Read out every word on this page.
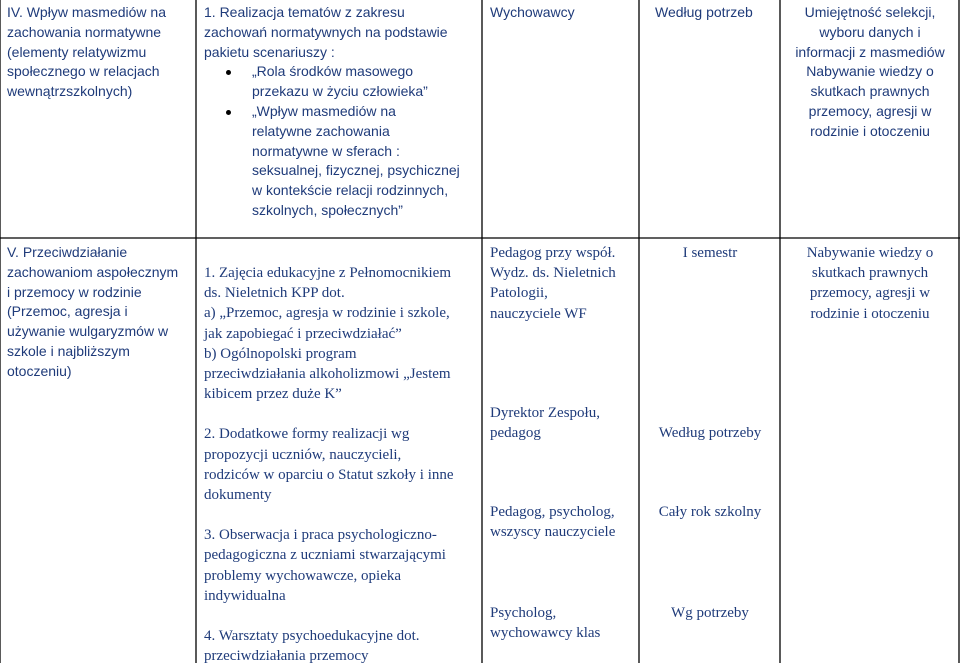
IV. Wpływ masmediów na
zachowania normatywne
(elementy relatywizmu
społecznego w relacjach
wewnątrzszkolnych)
1. Realizacja tematów z zakresu
zachowań normatywnych na podstawie
pakietu scenariuszy :
„Rola środków masowego
przekazu w życiu człowieka”
„Wpływ masmediów na
relatywne zachowania
normatywne w sferach :
seksualnej, fizycznej, psychicznej
w kontekście relacji rodzinnych,
szkolnych, społecznych”
Wychowawcy	Według potrzeb	Umiejętność selekcji,
wyboru danych i
informacji z masmediów
Nabywanie wiedzy o
skutkach prawnych
przemocy, agresji w
rodzinie i otoczeniu
V. Przeciwdziałanie
zachowaniom aspołecznym
i przemocy w rodzinie
(Przemoc, agresja i
używanie wulgaryzmów w
szkole i najbliższym
otoczeniu)
1. Zajęcia edukacyjne z Pełnomocnikiem
ds. Nieletnich KPP dot.
a) „Przemoc, agresja w rodzinie i szkole,
jak zapobiegać i przeciwdziałać”
b) Ogólnopolski program
przeciwdziałania alkoholizmowi „Jestem
kibicem przez duże K”
2. Dodatkowe formy realizacji wg
propozycji uczniów, nauczycieli,
rodziców w oparciu o Statut szkoły i inne
dokumenty
3. Obserwacja i praca psychologiczno-
pedagogiczna z uczniami stwarzającymi
problemy wychowawcze, opieka
indywidualna
4. Warsztaty psychoedukacyjne dot.
przeciwdziałania przemocy
Pedagog przy współ.
Wydz. ds. Nieletnich
Patologii,
nauczyciele WF
Dyrektor Zespołu,
pedagog
Pedagog, psycholog,
wszyscy nauczyciele
Psycholog,
wychowawcy klas
I semestr
Według potrzeby
Cały rok szkolny
Wg potrzeby
Nabywanie wiedzy o
skutkach prawnych
przemocy, agresji w
rodzinie i otoczeniu
